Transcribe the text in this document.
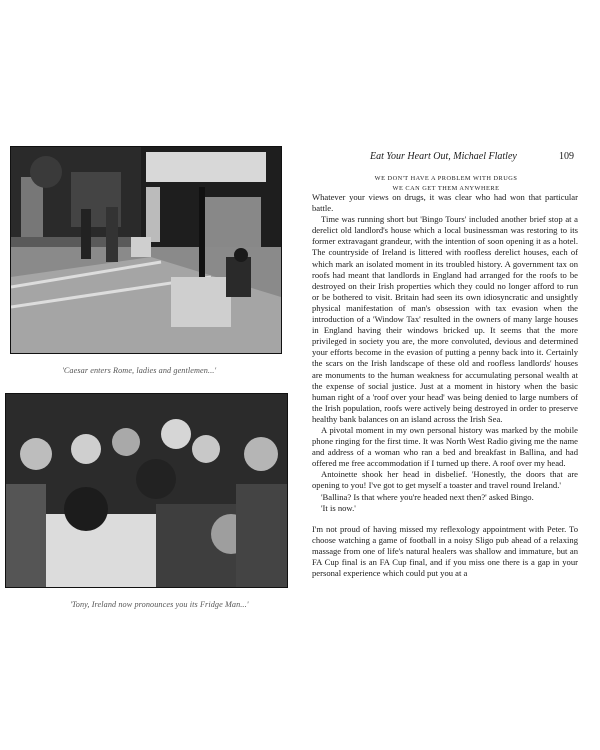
'Caesar enters Rome, ladies and gentlemen...'
'Tony, Ireland now pronounces you its Fridge Man...'
Eat Your Heart Out, Michael Flatley	109
WE DON'T HAVE A PROBLEM WITH DRUGS
WE CAN GET THEM ANYWHERE

Whatever your views on drugs, it was clear who had won that particular battle.

Time was running short but 'Bingo Tours' included another brief stop at a derelict old landlord's house which a local businessman was restoring to its former extravagant grandeur, with the intention of soon opening it as a hotel. The countryside of Ireland is littered with roofless derelict houses, each of which mark an isolated moment in its troubled history. A government tax on roofs had meant that landlords in England had arranged for the roofs to be destroyed on their Irish properties which they could no longer afford to run or be bothered to visit. Britain had seen its own idiosyncratic and unsightly physical manifestation of man's obsession with tax evasion when the introduction of a 'Window Tax' resulted in the owners of many large houses in England having their windows bricked up. It seems that the more privileged in society you are, the more convoluted, devious and determined your efforts become in the evasion of putting a penny back into it. Certainly the scars on the Irish landscape of these old and roofless landlords' houses are monuments to the human weakness for accumulating personal wealth at the expense of social justice. Just at a moment in history when the basic human right of a 'roof over your head' was being denied to large numbers of the Irish population, roofs were actively being destroyed in order to preserve healthy bank balances on an island across the Irish Sea.

A pivotal moment in my own personal history was marked by the mobile phone ringing for the first time. It was North West Radio giving me the name and address of a woman who ran a bed and breakfast in Ballina, and had offered me free accommodation if I turned up there. A roof over my head.

Antoinette shook her head in disbelief. 'Honestly, the doors that are opening to you! I've got to get myself a toaster and travel round Ireland.'

'Ballina? Is that where you're headed next then?' asked Bingo.

'It is now.'

I'm not proud of having missed my reflexology appointment with Peter. To choose watching a game of football in a noisy Sligo pub ahead of a relaxing massage from one of life's natural healers was shallow and immature, but an FA Cup final is an FA Cup final, and if you miss one there is a gap in your personal experience which could put you at a
